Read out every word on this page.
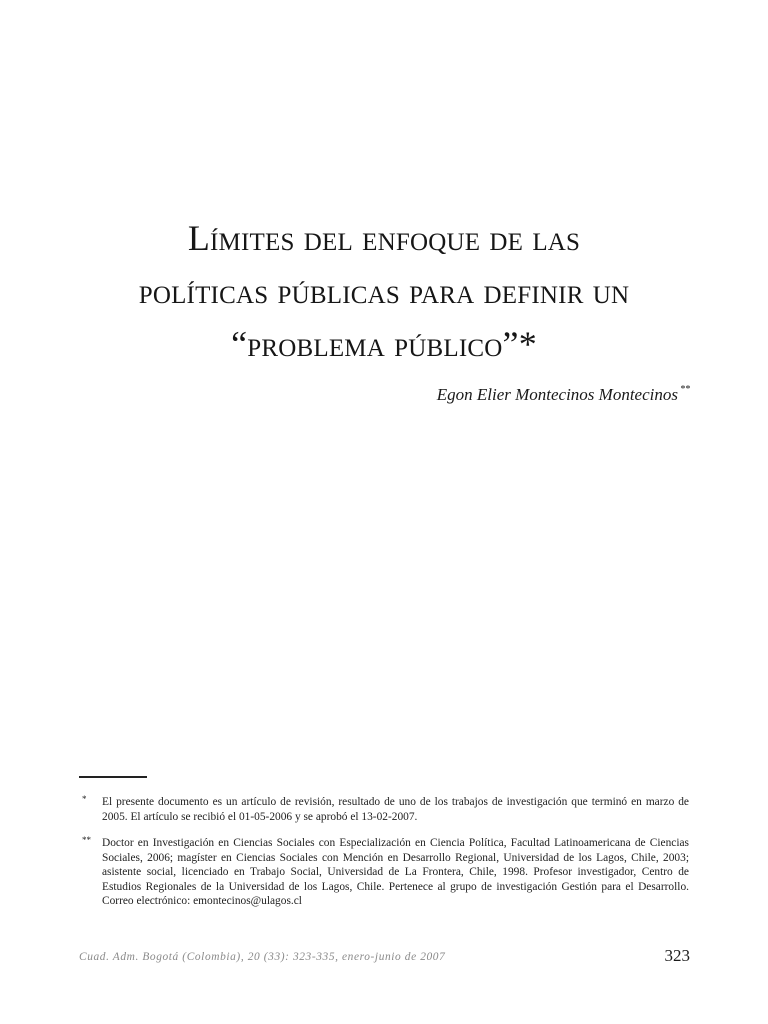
Límites del enfoque de las
políticas públicas para definir un
“problema público”*
Egon Elier Montecinos Montecinos **
* El presente documento es un artículo de revisión, resultado de uno de los trabajos de investigación que terminó en marzo de 2005. El artículo se recibió el 01-05-2006 y se aprobó el 13-02-2007.
** Doctor en Investigación en Ciencias Sociales con Especialización en Ciencia Política, Facultad Latinoamericana de Ciencias Sociales, 2006; magíster en Ciencias Sociales con Mención en Desarrollo Regional, Universidad de los Lagos, Chile, 2003; asistente social, licenciado en Trabajo Social, Universidad de La Frontera, Chile, 1998. Profesor investigador, Centro de Estudios Regionales de la Universidad de los Lagos, Chile. Pertenece al grupo de investigación Gestión para el Desarrollo. Correo electrónico: emontecinos@ulagos.cl
Cuad. Adm. Bogotá (Colombia), 20 (33): 323-335, enero-junio de 2007	323
